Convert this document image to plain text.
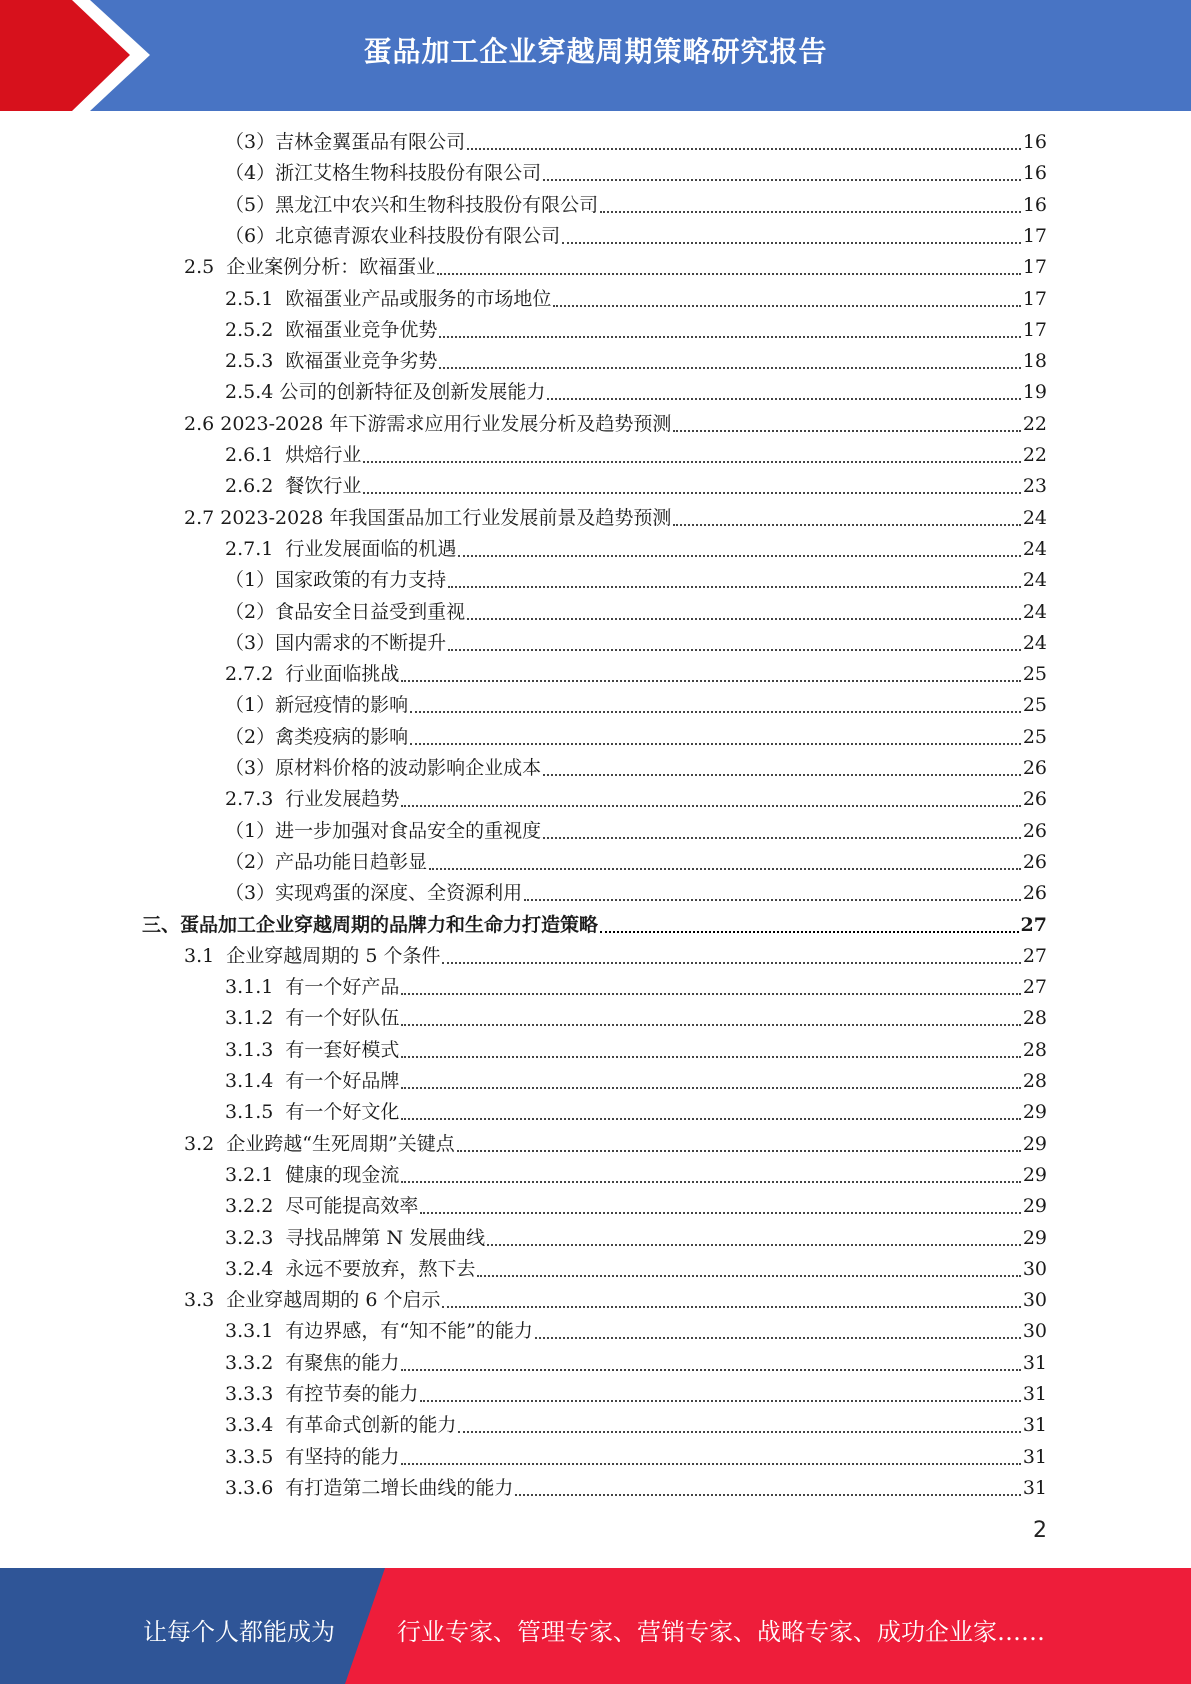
蛋品加工企业穿越周期策略研究报告
（3）吉林金翼蛋品有限公司	16
（4）浙江艾格生物科技股份有限公司	16
（5）黑龙江中农兴和生物科技股份有限公司	16
（6）北京德青源农业科技股份有限公司	17
2.5  企业案例分析：欧福蛋业	17
2.5.1  欧福蛋业产品或服务的市场地位	17
2.5.2  欧福蛋业竞争优势	17
2.5.3  欧福蛋业竞争劣势	18
2.5.4 公司的创新特征及创新发展能力	19
2.6 2023-2028 年下游需求应用行业发展分析及趋势预测	22
2.6.1  烘焙行业	22
2.6.2  餐饮行业	23
2.7 2023-2028 年我国蛋品加工行业发展前景及趋势预测	24
2.7.1  行业发展面临的机遇	24
（1）国家政策的有力支持	24
（2）食品安全日益受到重视	24
（3）国内需求的不断提升	24
2.7.2  行业面临挑战	25
（1）新冠疫情的影响	25
（2）禽类疫病的影响	25
（3）原材料价格的波动影响企业成本	26
2.7.3  行业发展趋势	26
（1）进一步加强对食品安全的重视度	26
（2）产品功能日趋彰显	26
（3）实现鸡蛋的深度、全资源利用	26
三、蛋品加工企业穿越周期的品牌力和生命力打造策略	27
3.1  企业穿越周期的 5 个条件	27
3.1.1  有一个好产品	27
3.1.2  有一个好队伍	28
3.1.3  有一套好模式	28
3.1.4  有一个好品牌	28
3.1.5  有一个好文化	29
3.2  企业跨越“生死周期”关键点	29
3.2.1  健康的现金流	29
3.2.2  尽可能提高效率	29
3.2.3  寻找品牌第 N 发展曲线	29
3.2.4  永远不要放弃，熬下去	30
3.3  企业穿越周期的 6 个启示	30
3.3.1  有边界感，有“知不能”的能力	30
3.3.2  有聚焦的能力	31
3.3.3  有控节奏的能力	31
3.3.4  有革命式创新的能力	31
3.3.5  有坚持的能力	31
3.3.6  有打造第二增长曲线的能力	31
2
让每个人都能成为	行业专家、管理专家、营销专家、战略专家、成功企业家……
